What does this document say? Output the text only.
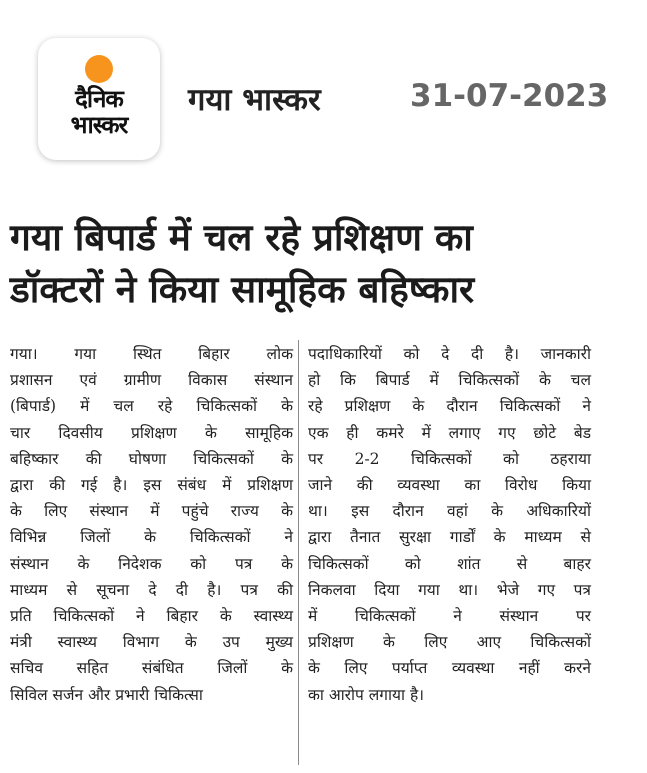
दैनिक
भास्कर
गया भास्कर	31-07-2023
गया बिपार्ड में चल रहे प्रशिक्षण का
डॉक्टरों ने किया सामूहिक बहिष्कार
गया। गया स्थित बिहार लोक
प्रशासन एवं ग्रामीण विकास संस्थान
(बिपार्ड) में चल रहे चिकित्सकों के
चार दिवसीय प्रशिक्षण के सामूहिक
बहिष्कार की घोषणा चिकित्सकों के
द्वारा की गई है। इस संबंध में प्रशिक्षण
के लिए संस्थान में पहुंचे राज्य के
विभिन्न जिलों के चिकित्सकों ने
संस्थान के निदेशक को पत्र के
माध्यम से सूचना दे दी है। पत्र की
प्रति चिकित्सकों ने बिहार के स्वास्थ्य
मंत्री स्वास्थ्य विभाग के उप मुख्य
सचिव सहित संबंधित जिलों के
सिविल सर्जन और प्रभारी चिकित्सा
पदाधिकारियों को दे दी है। जानकारी
हो कि बिपार्ड में चिकित्सकों के चल
रहे प्रशिक्षण के दौरान चिकित्सकों ने
एक ही कमरे में लगाए गए छोटे बेड
पर 2-2 चिकित्सकों को ठहराया
जाने की व्यवस्था का विरोध किया
था। इस दौरान वहां के अधिकारियों
द्वारा तैनात सुरक्षा गार्डों के माध्यम से
चिकित्सकों को शांत से बाहर
निकलवा दिया गया था। भेजे गए पत्र
में चिकित्सकों ने संस्थान पर
प्रशिक्षण के लिए आए चिकित्सकों
के लिए पर्याप्त व्यवस्था नहीं करने
का आरोप लगाया है।
